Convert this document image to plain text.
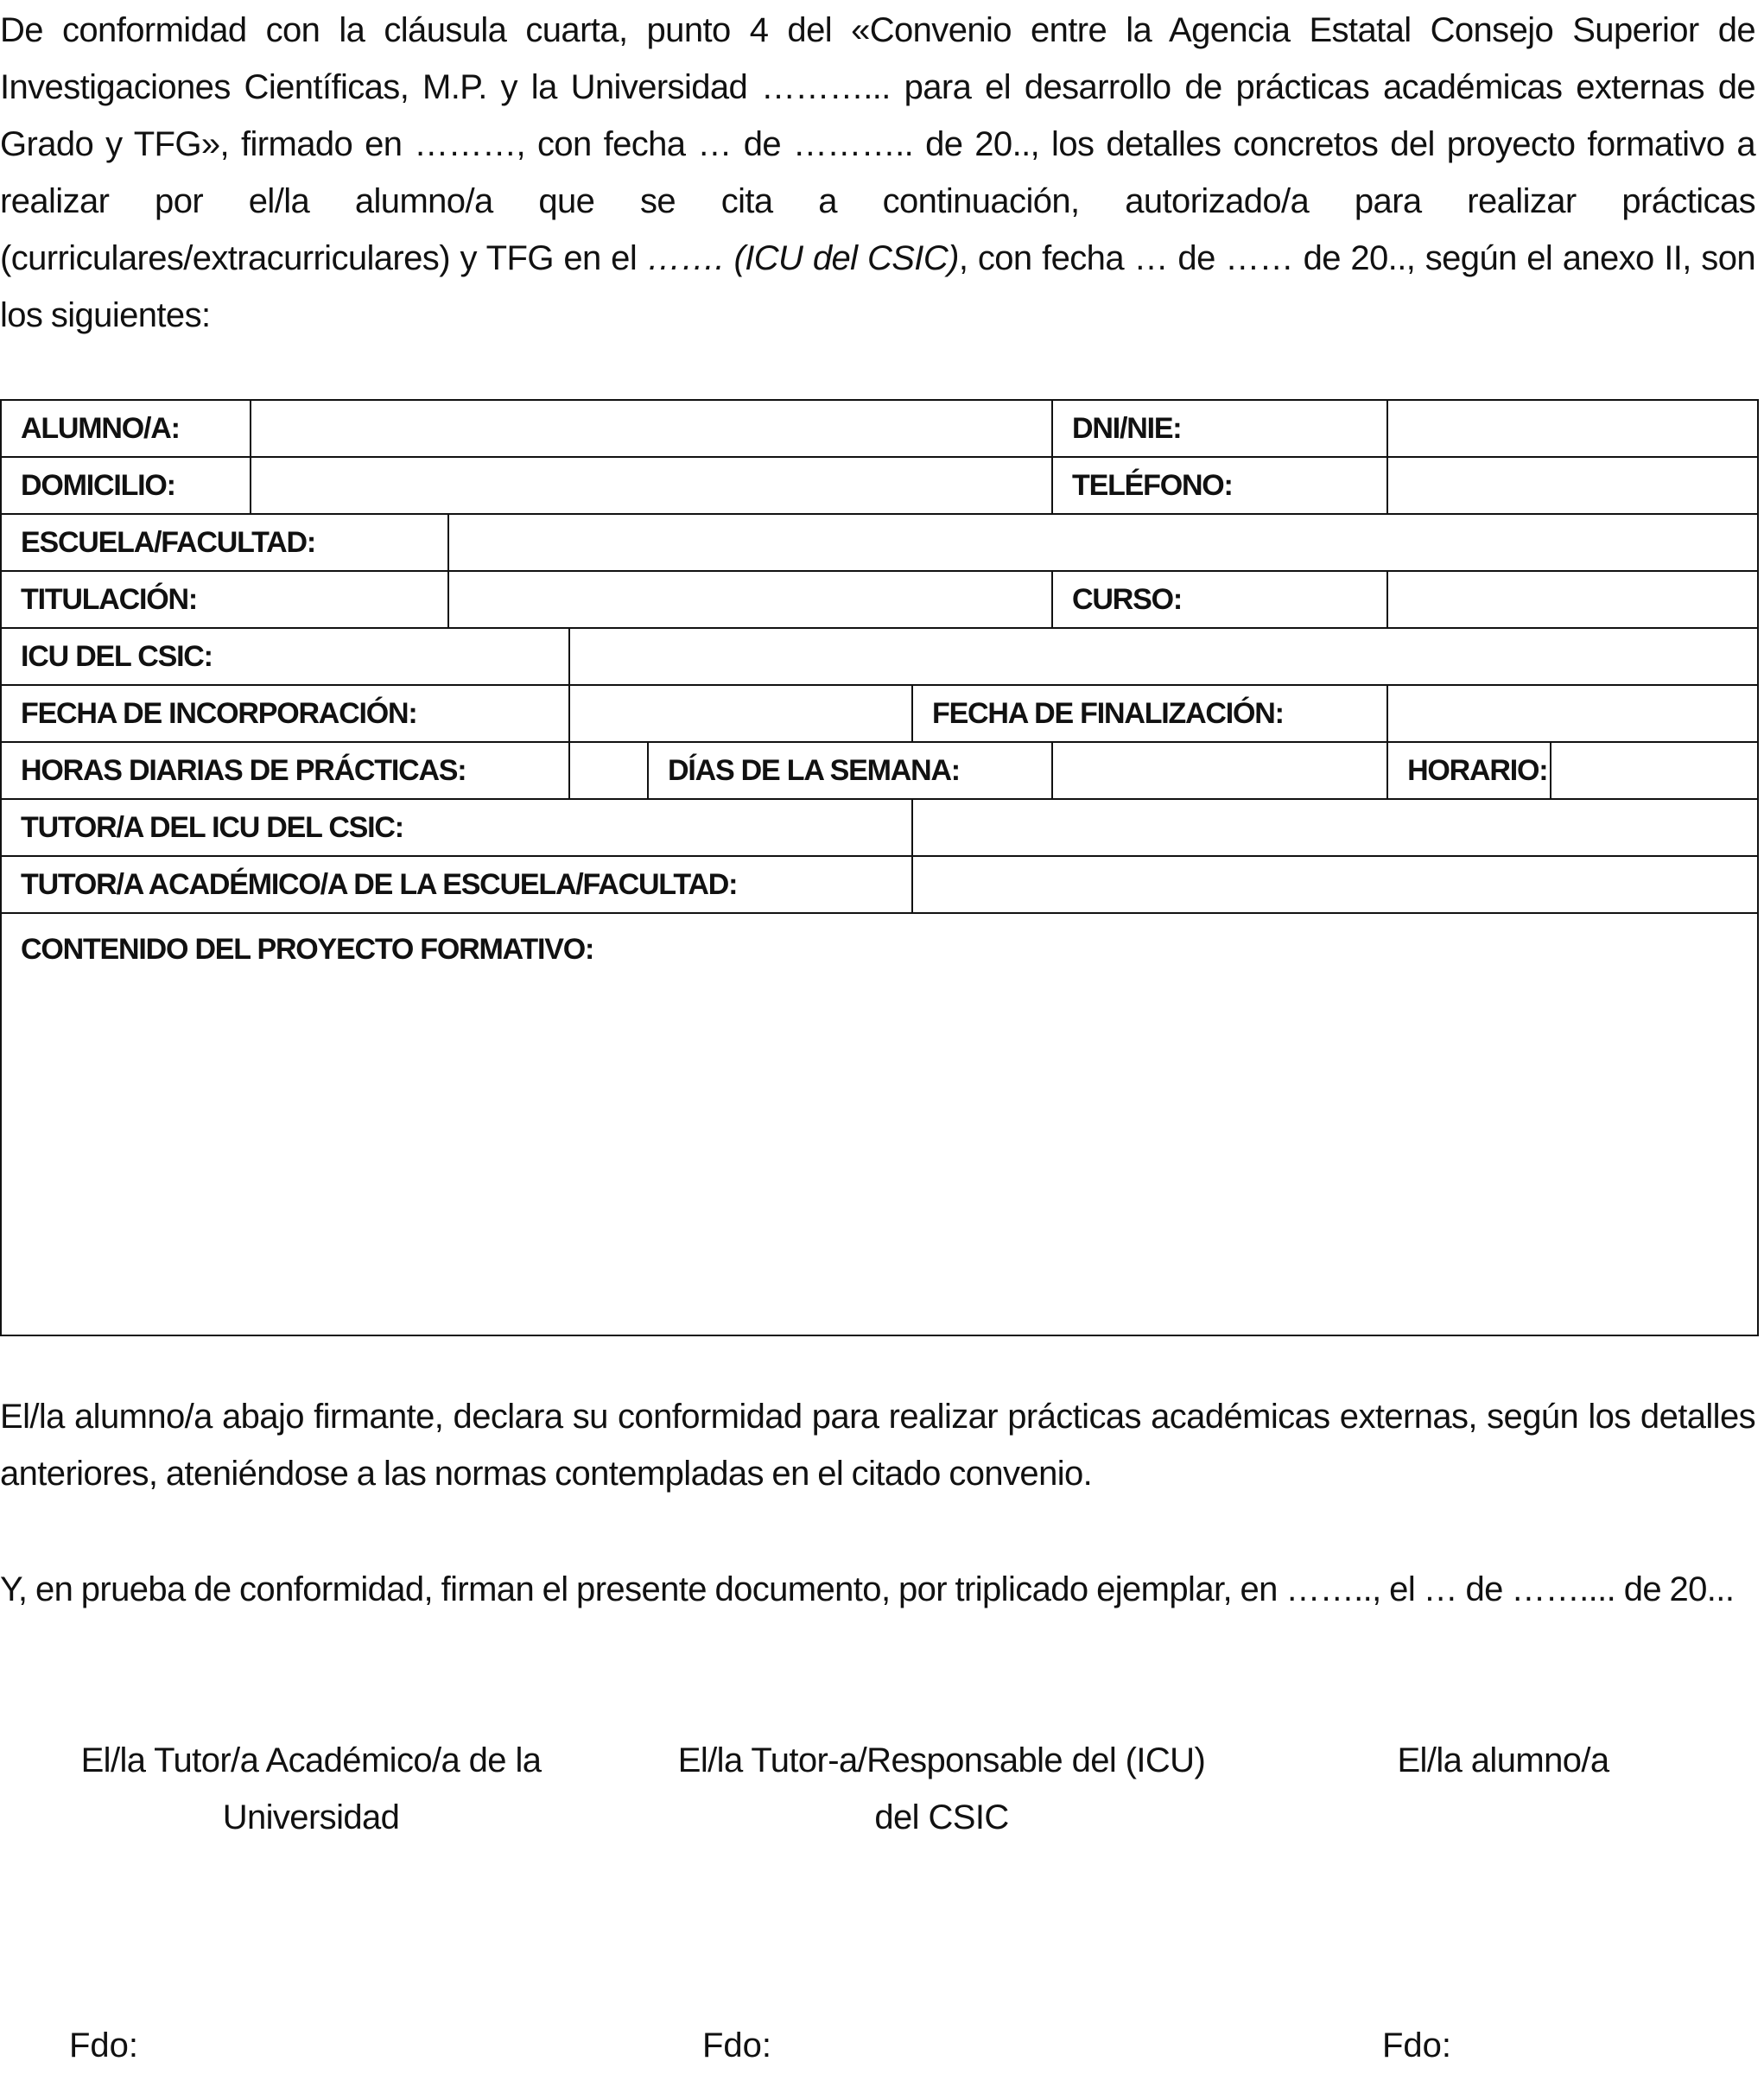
De conformidad con la cláusula cuarta, punto 4 del «Convenio entre la Agencia Estatal Consejo Superior de Investigaciones Científicas, M.P. y la Universidad ………... para el desarrollo de prácticas académicas externas de Grado y TFG», firmado en ………, con fecha … de ……….. de 20.., los detalles concretos del proyecto formativo a realizar por el/la alumno/a que se cita a continuación, autorizado/a para realizar prácticas (curriculares/extracurriculares) y TFG en el ……. (ICU del CSIC), con fecha … de …… de 20.., según el anexo II, son los siguientes:
ALUMNO/A:						DNI/NIE:		
DOMICILIO:						TELÉFONO:		
ESCUELA/FACULTAD:								
TITULACIÓN:						CURSO:		
ICU DEL CSIC:								
FECHA DE INCORPORACIÓN:					FECHA DE FINALIZACIÓN:			
HORAS DIARIAS DE PRÁCTICAS:				DÍAS DE LA SEMANA:			HORARIO:	
TUTOR/A DEL ICU DEL CSIC:								
TUTOR/A ACADÉMICO/A DE LA ESCUELA/FACULTAD:								
CONTENIDO DEL PROYECTO FORMATIVO:								
El/la alumno/a abajo firmante, declara su conformidad para realizar prácticas académicas externas, según los detalles anteriores, ateniéndose a las normas contempladas en el citado convenio.
Y, en prueba de conformidad, firman el presente documento, por triplicado ejemplar, en …….., el … de …….... de 20...
El/la Tutor/a Académico/a de la
Universidad
El/la Tutor-a/Responsable del (ICU)
del CSIC
El/la alumno/a
Fdo:	Fdo:	Fdo:
